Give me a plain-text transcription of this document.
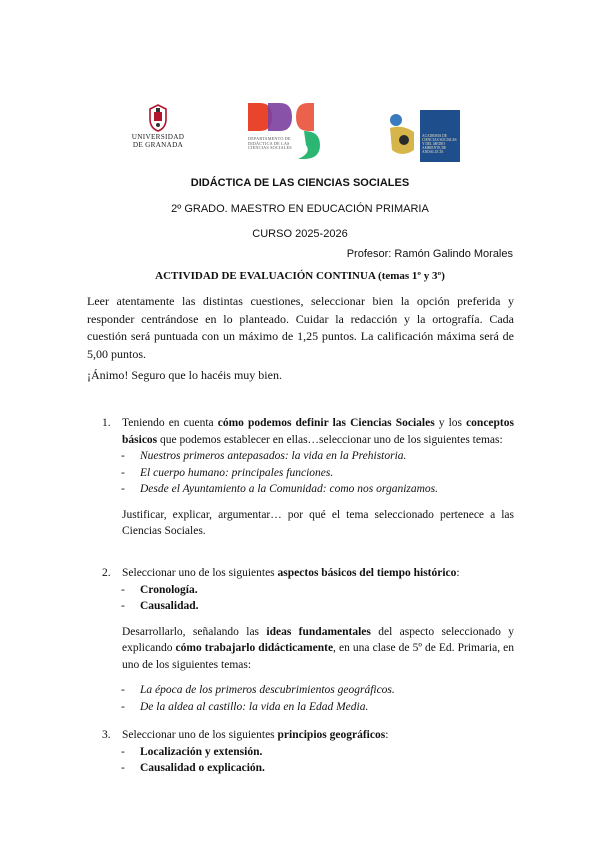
UNIVERSIDAD
DE GRANADA
DEPARTAMENTO DE DIDÁCTICA DE LAS CIENCIAS SOCIALES
ACADEMIA DE CIENCIAS SOCIALES Y DEL MEDIO AMBIENTE DE ANDALUCÍA
DIDÁCTICA DE LAS CIENCIAS SOCIALES
2º GRADO. MAESTRO EN EDUCACIÓN PRIMARIA
CURSO 2025-2026
Profesor: Ramón Galindo Morales
ACTIVIDAD DE EVALUACIÓN CONTINUA (temas 1º y 3º)

Leer atentamente las distintas cuestiones, seleccionar bien la opción preferida y responder centrándose en lo planteado. Cuidar la redacción y la ortografía. Cada cuestión será puntuada con un máximo de 1,25 puntos. La calificación máxima será de 5,00 puntos.

¡Ánimo! Seguro que lo hacéis muy bien.

1. Teniendo en cuenta cómo podemos definir las Ciencias Sociales y los conceptos básicos que podemos establecer en ellas…seleccionar uno de los siguientes temas:

- Nuestros primeros antepasados: la vida en la Prehistoria.
- El cuerpo humano: principales funciones.
- Desde el Ayuntamiento a la Comunidad: como nos organizamos.

Justificar, explicar, argumentar… por qué el tema seleccionado pertenece a las Ciencias Sociales.

2. Seleccionar uno de los siguientes aspectos básicos del tiempo histórico:

- Cronología.
- Causalidad.

Desarrollarlo, señalando las ideas fundamentales del aspecto seleccionado y explicando cómo trabajarlo didácticamente, en una clase de 5º de Ed. Primaria, en uno de los siguientes temas:

- La época de los primeros descubrimientos geográficos.
- De la aldea al castillo: la vida en la Edad Media.
3. Seleccionar uno de los siguientes principios geográficos:

- Localización y extensión.
- Causalidad o explicación.
